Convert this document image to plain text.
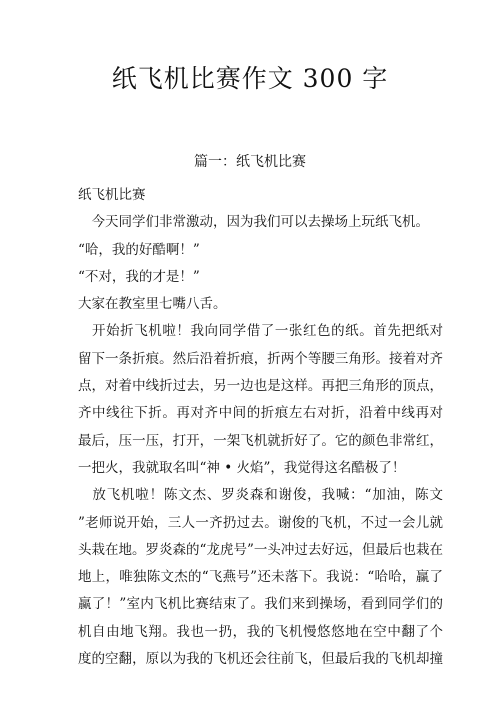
纸飞机比赛作文 300 字
篇一：纸飞机比赛
纸飞机比赛
　今天同学们非常激动，因为我们可以去操场上玩纸飞机。
“哈，我的好酷啊！”
“不对，我的才是！”
大家在教室里七嘴八舌。
　开始折飞机啦！我向同学借了一张红色的纸。首先把纸对
留下一条折痕。然后沿着折痕，折两个等腰三角形。接着对齐
点，对着中线折过去，另一边也是这样。再把三角形的顶点，
齐中线往下折。再对齐中间的折痕左右对折，沿着中线再对
最后，压一压，打开，一架飞机就折好了。它的颜色非常红，
一把火，我就取名叫“神 • 火焰”，我觉得这名酷极了！
　放飞机啦！陈文杰、罗炎森和谢俊，我喊：“加油，陈文
”老师说开始，三人一齐扔过去。谢俊的飞机，不过一会儿就
头栽在地。罗炎森的“龙虎号”一头冲过去好远，但最后也栽在
地上，唯独陈文杰的“飞燕号”还未落下。我说：“哈哈，赢了
赢了！”室内飞机比赛结束了。我们来到操场，看到同学们的
机自由地飞翔。我也一扔，我的飞机慢悠悠地在空中翻了个
度的空翻，原以为我的飞机还会往前飞，但最后我的飞机却撞
